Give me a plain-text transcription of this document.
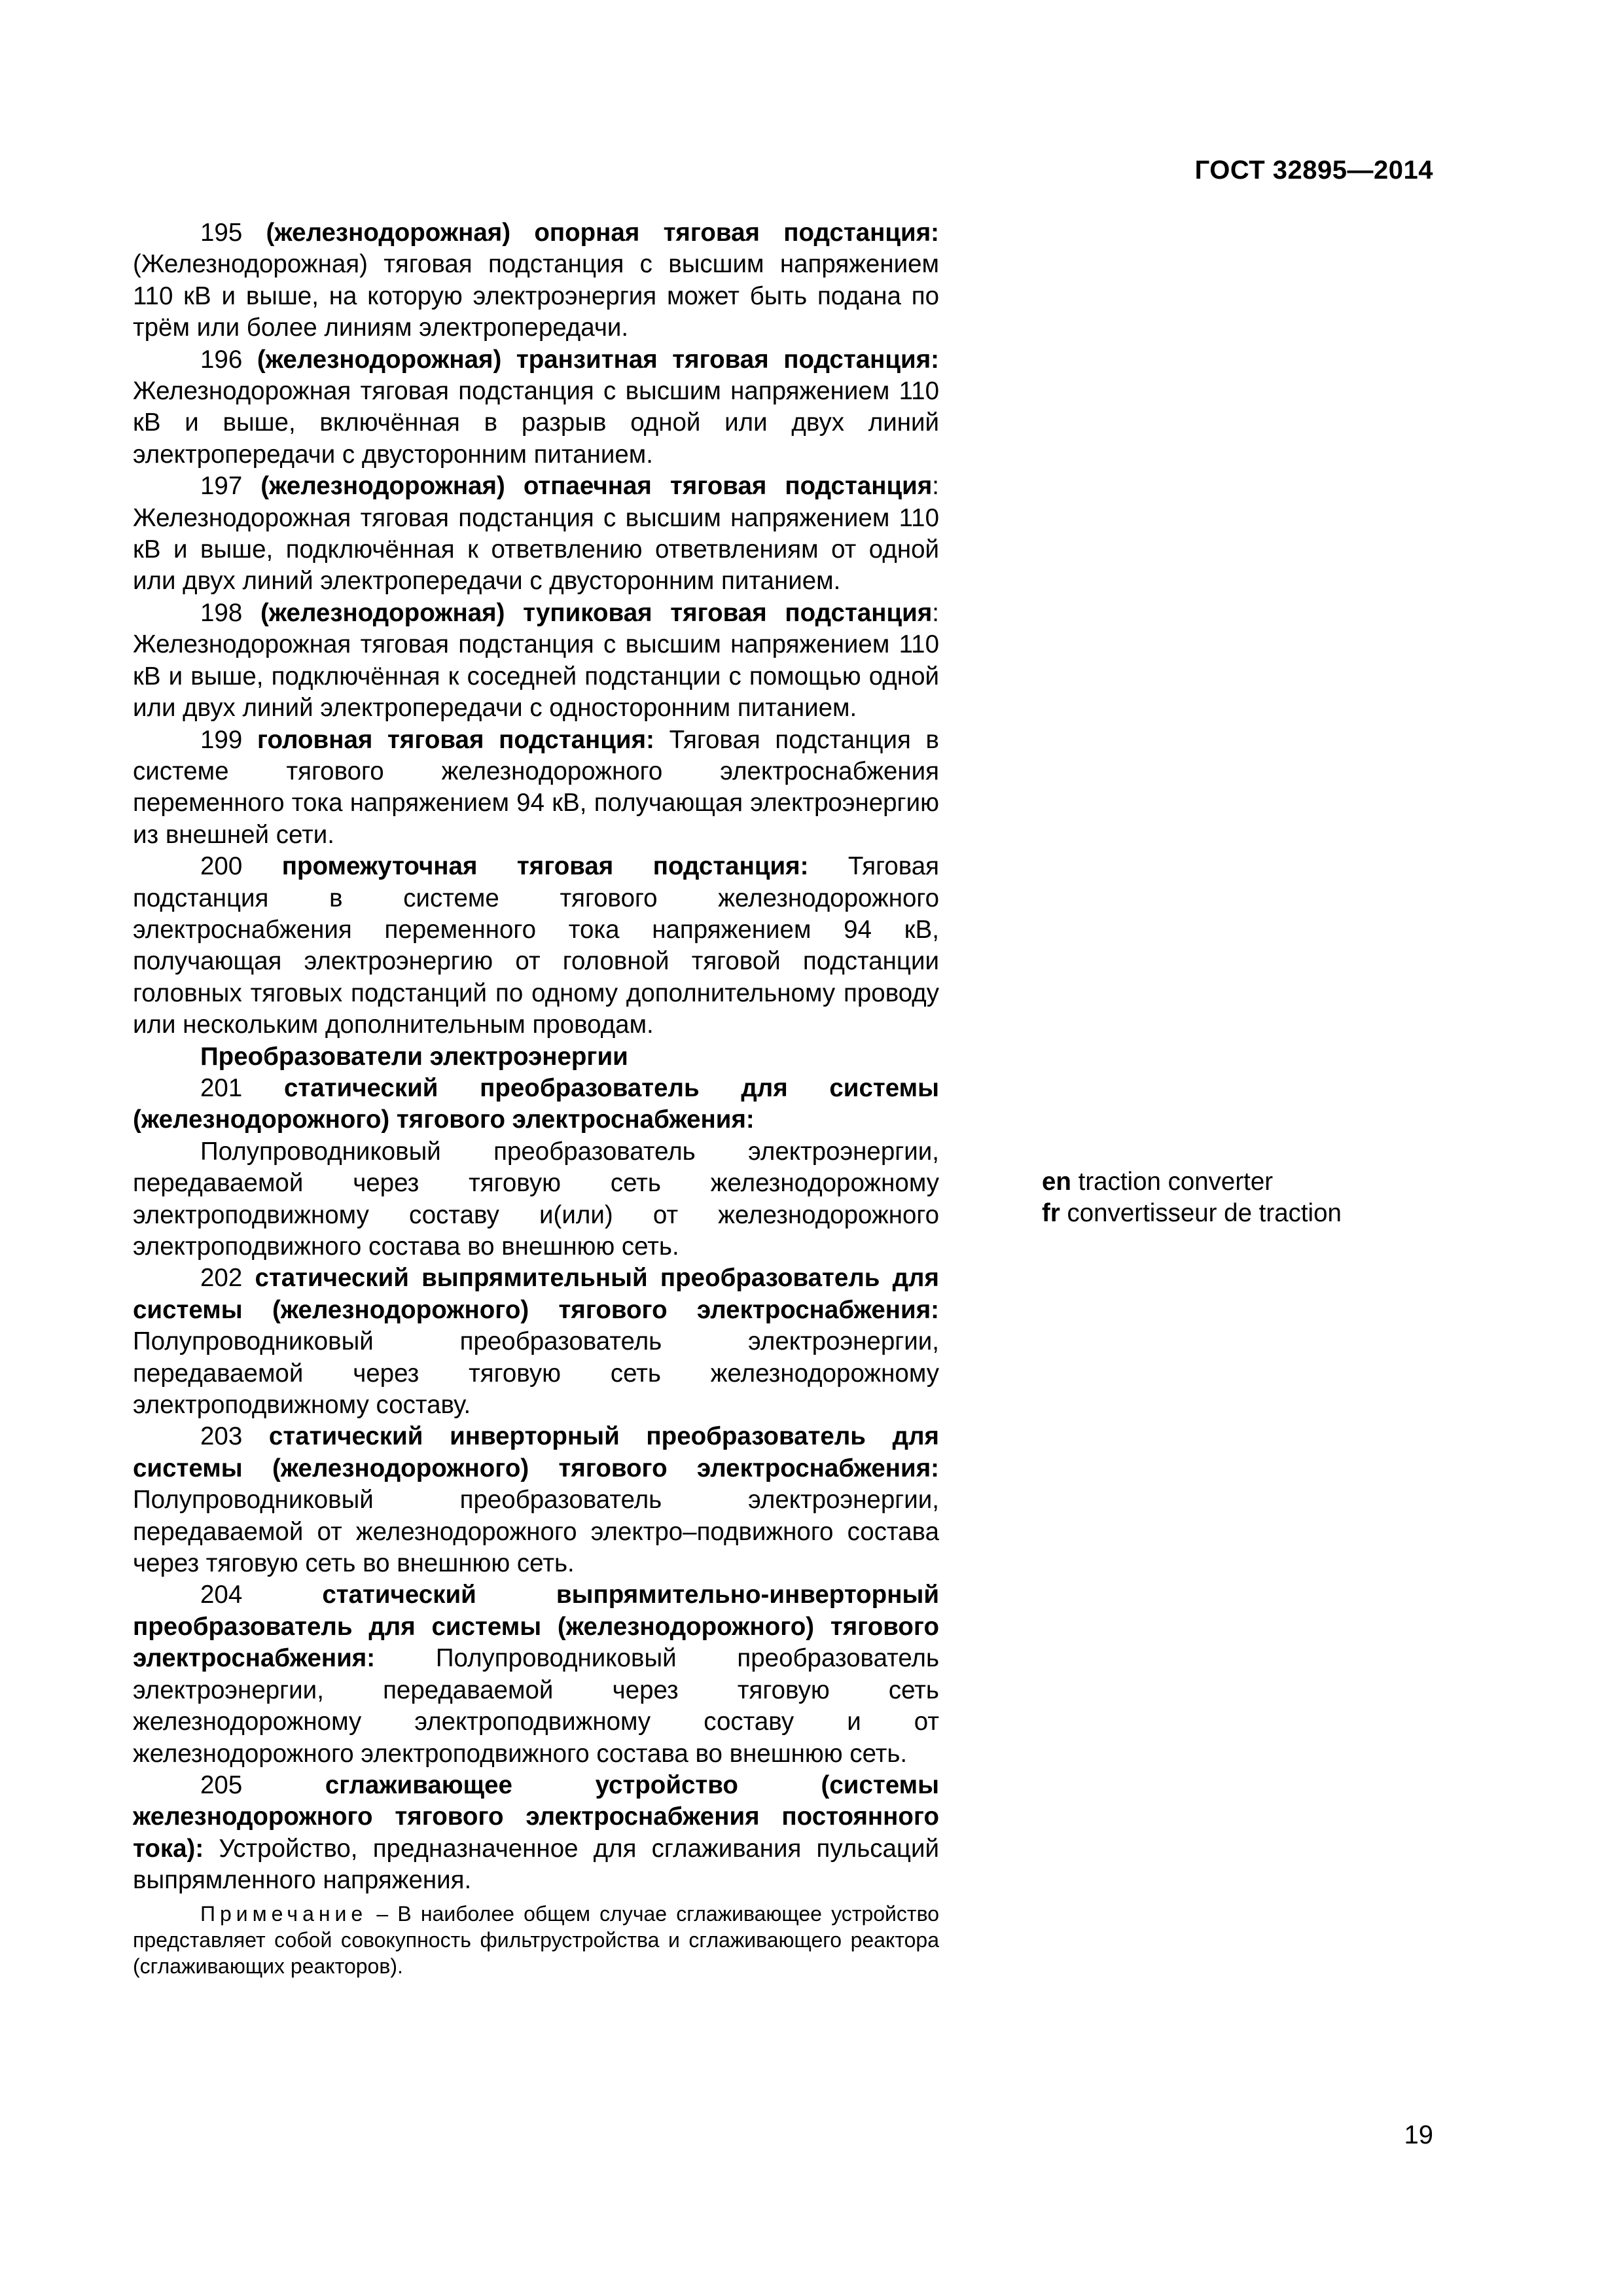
ГОСТ 32895—2014

195 (железнодорожная) опорная тяговая подстанция: (Железнодорожная) тяговая подстанция с высшим напряжением 110 кВ и выше, на которую электроэнергия может быть подана по трём или более линиям электропередачи.

196 (железнодорожная) транзитная тяговая подстанция: Железнодорожная тяговая подстанция с высшим напряжением 110 кВ и выше, включённая в разрыв одной или двух линий электропередачи с двусторонним питанием.

197 (железнодорожная) отпаечная тяговая подстанция: Железнодорожная тяговая подстанция с высшим напряжением 110 кВ и выше, подключённая к ответвлению ответвлениям от одной или двух линий электропередачи с двусторонним питанием.

198 (железнодорожная) тупиковая тяговая подстанция: Железнодорожная тяговая подстанция с высшим напряжением 110 кВ и выше, подключённая к соседней подстанции с помощью одной или двух линий электропередачи с односторонним питанием.

199 головная тяговая подстанция: Тяговая подстанция в системе тягового железнодорожного электроснабжения переменного тока напряжением 94 кВ, получающая электроэнергию из внешней сети.

200 промежуточная тяговая подстанция: Тяговая подстанция в системе тягового железнодорожного электроснабжения переменного тока напряжением 94 кВ, получающая электроэнергию от головной тяговой подстанции головных тяговых подстанций по одному дополнительному проводу или нескольким дополнительным проводам.

Преобразователи электроэнергии

201 статический преобразователь для системы (железнодорожного) тягового электроснабжения:

Полупроводниковый преобразователь электроэнергии, передаваемой через тяговую сеть железнодорожному электроподвижному составу и(или) от железнодорожного электроподвижного состава во внешнюю сеть.

202 статический выпрямительный преобразователь для системы (железнодорожного) тягового электроснабжения: Полупроводниковый преобразователь электроэнергии, передаваемой через тяговую сеть железнодорожному электроподвижному составу.

203 статический инверторный преобразователь для системы (железнодорожного) тягового электроснабжения: Полупроводниковый преобразователь электроэнергии, передаваемой от железнодорожного электро–подвижного состава через тяговую сеть во внешнюю сеть.

204	статический выпрямительно-инверторный преобразователь для системы (железнодорожного) тягового электроснабжения: Полупроводниковый преобразователь электроэнергии, передаваемой через тяговую сеть железнодорожному электроподвижному составу и от железнодорожного электроподвижного состава во внешнюю сеть.

205	сглаживающее устройство (системы железнодорожного тягового электроснабжения постоянного тока): Устройство, предназначенное для сглаживания пульсаций выпрямленного напряжения.

Примечание – В наиболее общем случае сглаживающее устройство представляет собой совокупность фильтрустройства и сглаживающего реактора (сглаживающих реакторов).

en traction converter
fr convertisseur de traction
19
